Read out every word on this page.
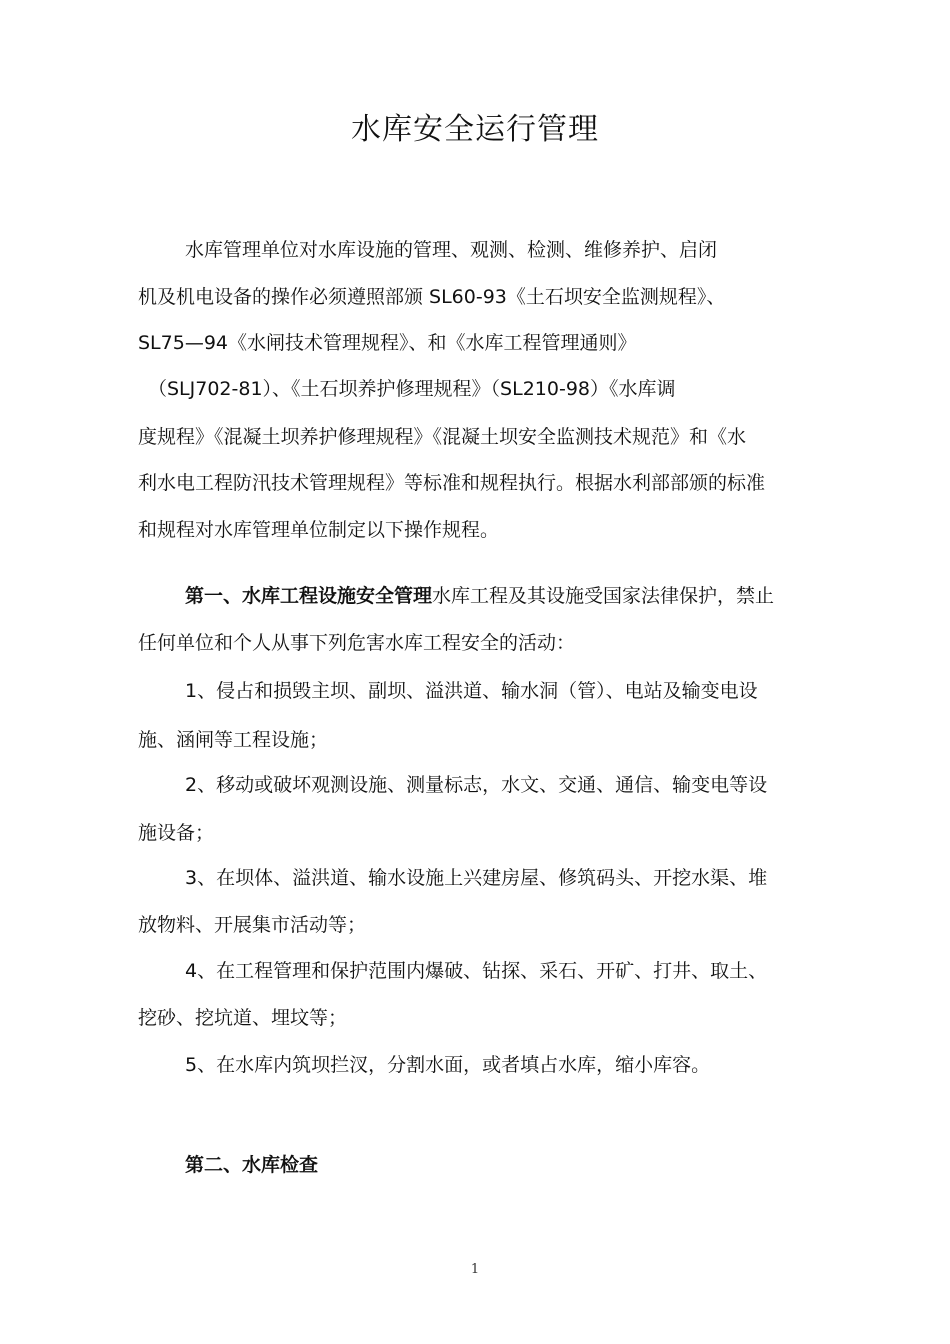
水库安全运行管理
水库管理单位对水库设施的管理、观测、检测、维修养护、启闭
机及机电设备的操作必须遵照部颁 SL60-93《土石坝安全监测规程》、
SL75—94《水闸技术管理规程》、和《水库工程管理通则》
（SLJ702-81）、《土石坝养护修理规程》（SL210-98）《水库调
度规程》《混凝土坝养护修理规程》《混凝土坝安全监测技术规范》和《水
利水电工程防汛技术管理规程》等标准和规程执行。根据水利部部颁的标准
和规程对水库管理单位制定以下操作规程。
第一、水库工程设施安全管理水库工程及其设施受国家法律保护，禁止
任何单位和个人从事下列危害水库工程安全的活动：
1、侵占和损毁主坝、副坝、溢洪道、输水洞（管）、电站及输变电设
施、涵闸等工程设施；
2、移动或破坏观测设施、测量标志，水文、交通、通信、输变电等设
施设备；
3、在坝体、溢洪道、输水设施上兴建房屋、修筑码头、开挖水渠、堆
放物料、开展集市活动等；
4、在工程管理和保护范围内爆破、钻探、采石、开矿、打井、取土、
挖砂、挖坑道、埋坟等；
5、在水库内筑坝拦汊，分割水面，或者填占水库，缩小库容。
第二、水库检查
1
